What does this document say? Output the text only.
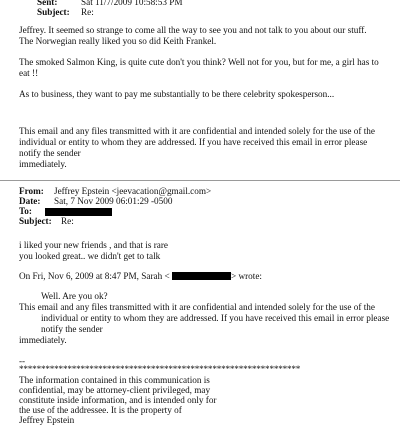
Sent:	Sat 11/7/2009 10:58:53 PM
Subject: Re:
Jeffrey. It seemed so strange to come all the way to see you and not talk to you about our stuff.
The Norwegian really liked you so did Keith Frankel.
The smoked Salmon King, is quite cute don't you think? Well not for you, but for me, a girl has to
eat !!
As to business, they want to pay me substantially to be there celebrity spokesperson...
This email and any files transmitted with it are confidential and intended solely for the use of the
individual or entity to whom they are addressed. If you have received this email in error please
notify the sender
immediately.
From: Jeffrey Epstein <jeevacation@gmail.com>
Date: Sat, 7 Nov 2009 06:01:29 -0500
To:
Subject: Re:
i liked your new friends , and that is rare
you looked great.. we didn't get to talk
On Fri, Nov 6, 2009 at 8:47 PM, Sarah <	> wrote:
Well. Are you ok?
This email and any files transmitted with it are confidential and intended solely for the use of the
individual or entity to whom they are addressed. If you have received this email in error please
notify the sender
immediately.
--
****************************************************************
The information contained in this communication is
confidential, may be attorney-client privileged, may
constitute inside information, and is intended only for
the use of the addressee. It is the property of
Jeffrey Epstein
